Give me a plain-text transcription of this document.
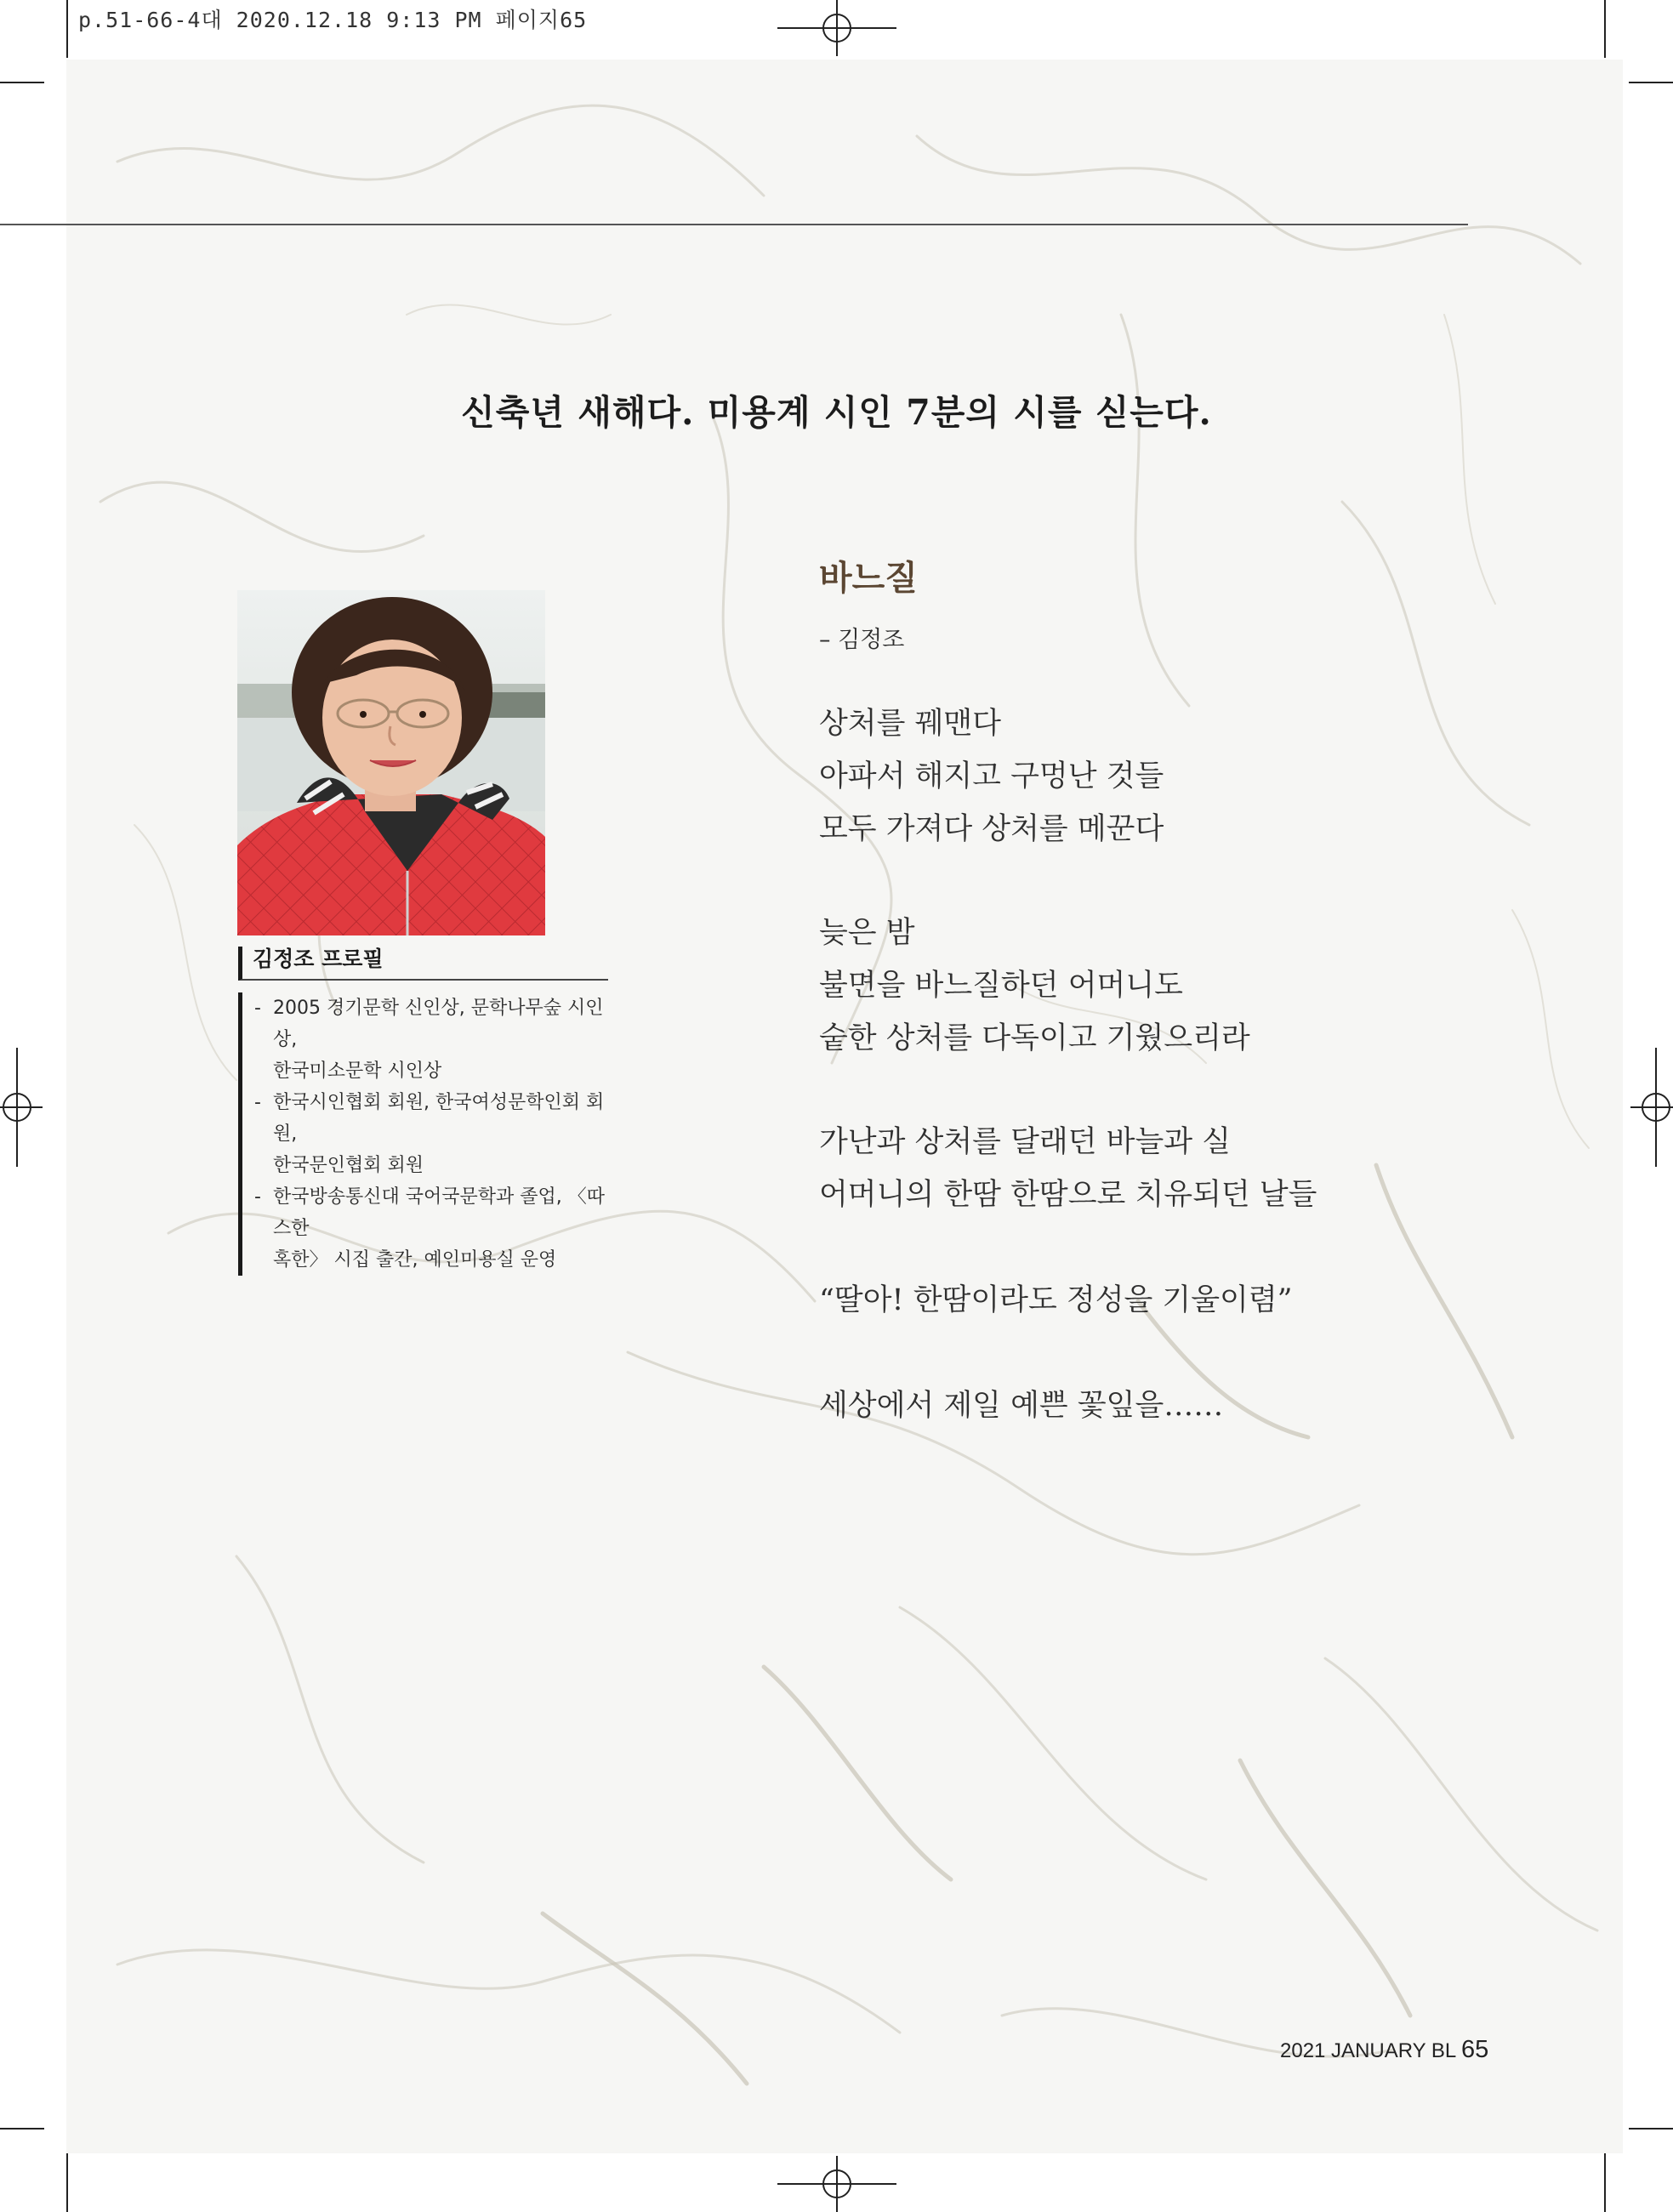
p.51-66-4대 2020.12.18 9:13 PM 페이지65
신축년 새해다. 미용계 시인 7분의 시를 싣는다.
김정조 프로필
- 2005 경기문학 신인상, 문학나무숲 시인상,
한국미소문학 시인상
- 한국시인협회 회원, 한국여성문학인회 회원,
한국문인협회 회원
- 한국방송통신대 국어국문학과 졸업, 〈따스한
혹한〉 시집 출간, 예인미용실 운영
바느질
– 김정조
상처를 꿰맨다
아파서 해지고 구멍난 것들
모두 가져다 상처를 메꾼다
늦은 밤
불면을 바느질하던 어머니도
숱한 상처를 다독이고 기웠으리라
가난과 상처를 달래던 바늘과 실
어머니의 한땀 한땀으로 치유되던 날들
“딸아! 한땀이라도 정성을 기울이렴”
세상에서 제일 예쁜 꽃잎을……
2021 JANUARY BL 65
